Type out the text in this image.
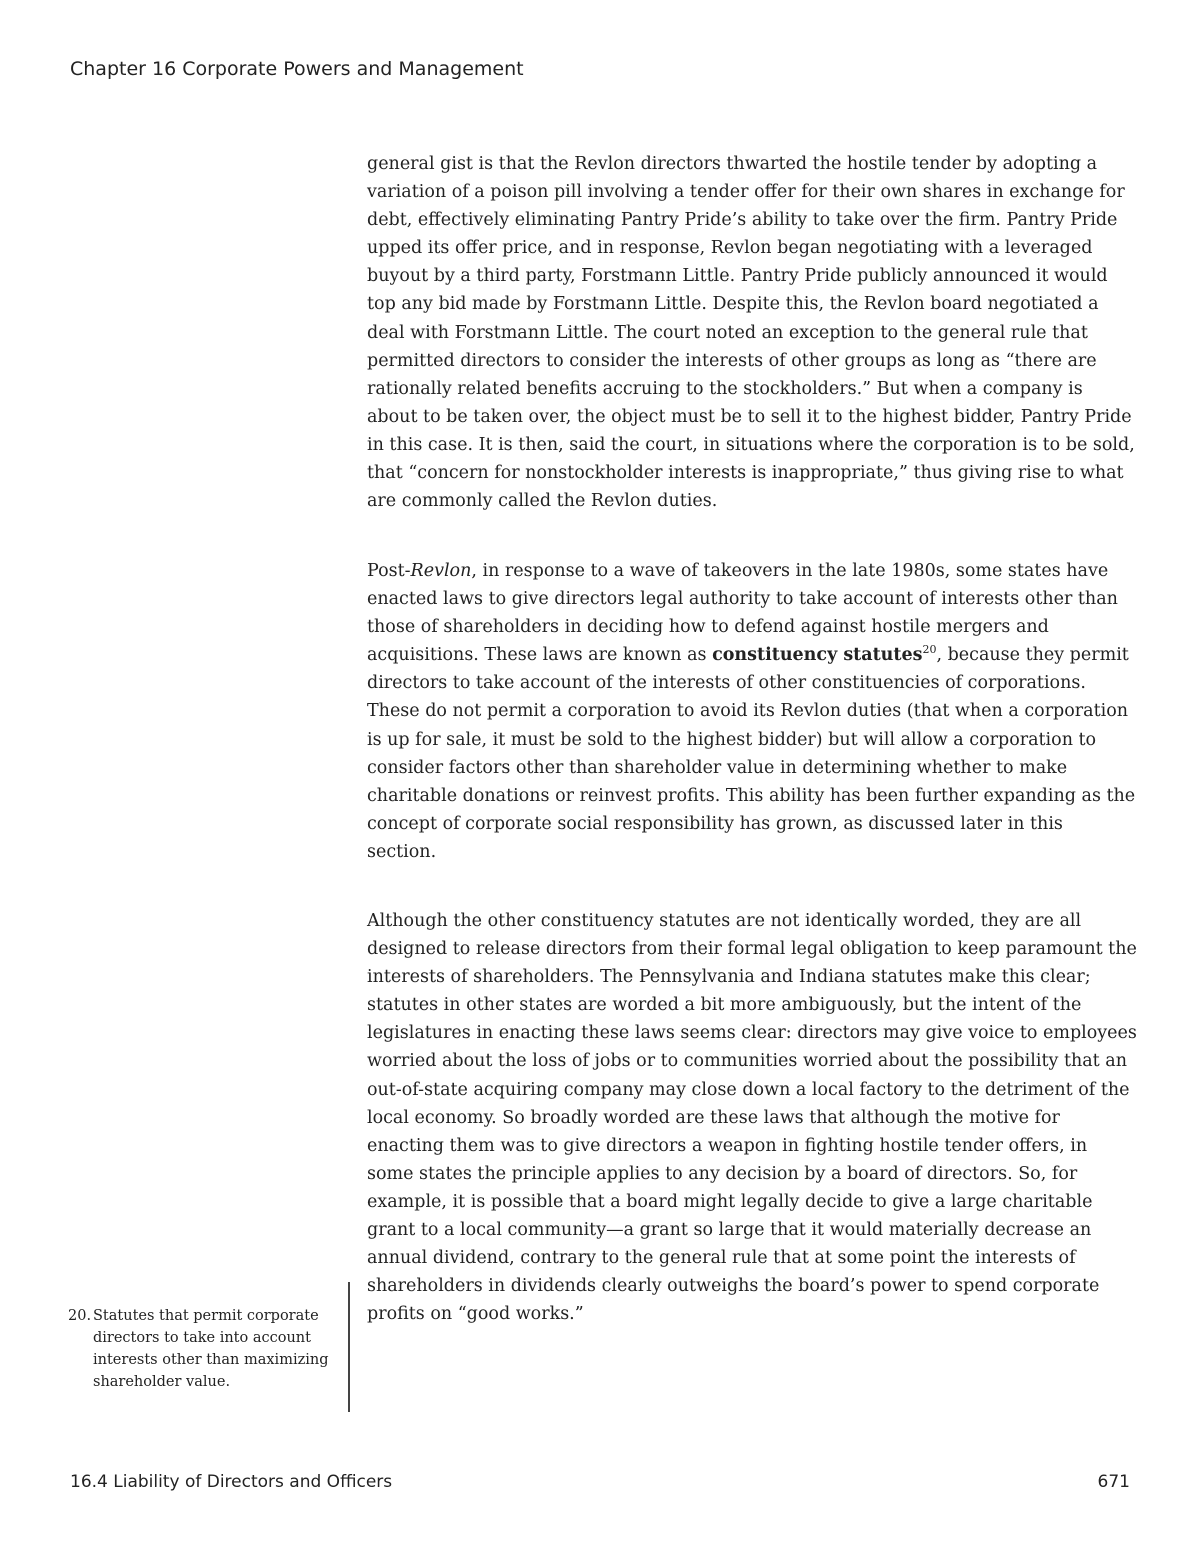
Chapter 16 Corporate Powers and Management

general gist is that the Revlon directors thwarted the hostile tender by adopting a variation of a poison pill involving a tender offer for their own shares in exchange for debt, effectively eliminating Pantry Pride’s ability to take over the firm. Pantry Pride upped its offer price, and in response, Revlon began negotiating with a leveraged buyout by a third party, Forstmann Little. Pantry Pride publicly announced it would top any bid made by Forstmann Little. Despite this, the Revlon board negotiated a deal with Forstmann Little. The court noted an exception to the general rule that permitted directors to consider the interests of other groups as long as “there are rationally related benefits accruing to the stockholders.” But when a company is about to be taken over, the object must be to sell it to the highest bidder, Pantry Pride in this case. It is then, said the court, in situations where the corporation is to be sold, that “concern for nonstockholder interests is inappropriate,” thus giving rise to what are commonly called the Revlon duties.

Post-Revlon, in response to a wave of takeovers in the late 1980s, some states have enacted laws to give directors legal authority to take account of interests other than those of shareholders in deciding how to defend against hostile mergers and acquisitions. These laws are known as constituency statutes$^{20}$, because they permit directors to take account of the interests of other constituencies of corporations. These do not permit a corporation to avoid its Revlon duties (that when a corporation is up for sale, it must be sold to the highest bidder) but will allow a corporation to consider factors other than shareholder value in determining whether to make charitable donations or reinvest profits. This ability has been further expanding as the concept of corporate social responsibility has grown, as discussed later in this section.

Although the other constituency statutes are not identically worded, they are all designed to release directors from their formal legal obligation to keep paramount the interests of shareholders. The Pennsylvania and Indiana statutes make this clear; statutes in other states are worded a bit more ambiguously, but the intent of the legislatures in enacting these laws seems clear: directors may give voice to employees worried about the loss of jobs or to communities worried about the possibility that an out-of-state acquiring company may close down a local factory to the detriment of the local economy. So broadly worded are these laws that although the motive for enacting them was to give directors a weapon in fighting hostile tender offers, in some states the principle applies to any decision by a board of directors. So, for example, it is possible that a board might legally decide to give a large charitable grant to a local community—a grant so large that it would materially decrease an annual dividend, contrary to the general rule that at some point the interests of shareholders in dividends clearly outweighs the board’s power to spend corporate profits on “good works.”

20. Statutes that permit corporate directors to take into account interests other than maximizing shareholder value.
16.4 Liability of Directors and Officers	671
